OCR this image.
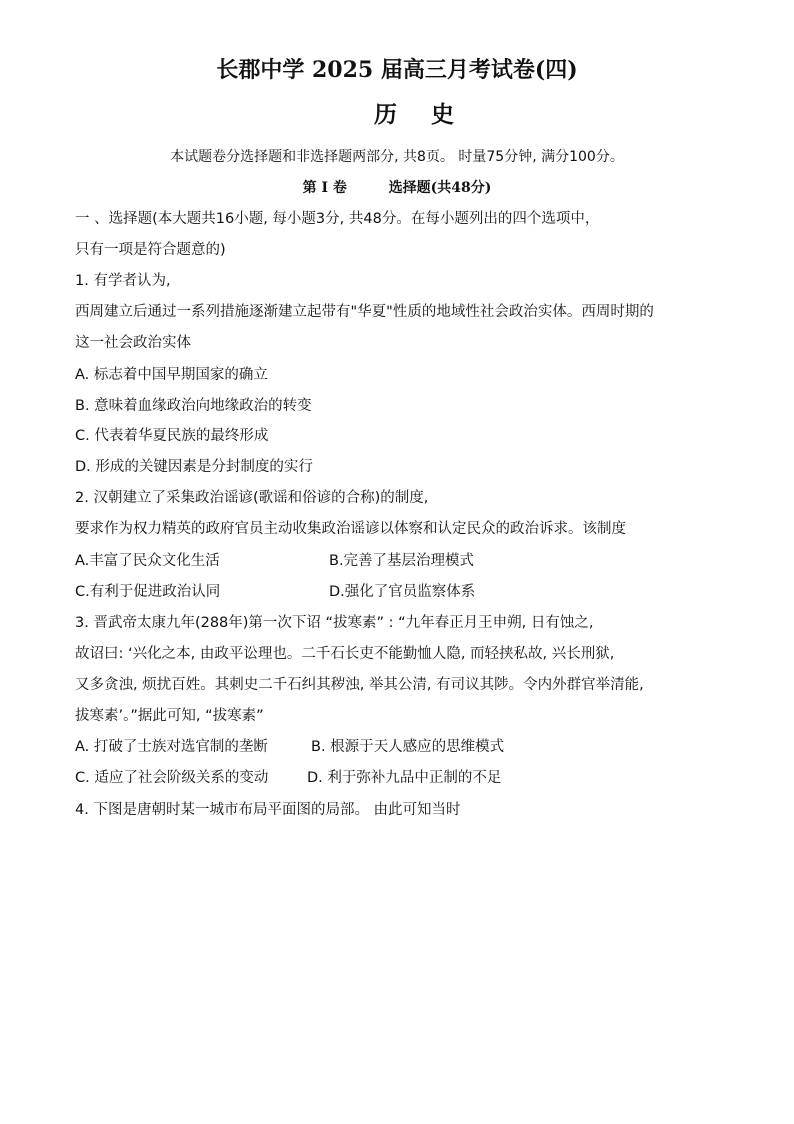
长郡中学 2025 届高三月考试卷(四)
历史
本试题卷分选择题和非选择题两部分, 共8页。 时量75分钟, 满分100分。
第 I 卷	选择题(共48分)
一 、选择题(本大题共16小题, 每小题3分, 共48分。在每小题列出的四个选项中，
只有一项是符合题意的)
1. 有学者认为,
西周建立后通过一系列措施逐渐建立起带有"华夏"性质的地域性社会政治实体。西周时期的
这一社会政治实体
A. 标志着中国早期国家的确立
B. 意味着血缘政治向地缘政治的转变
C. 代表着华夏民族的最终形成
D. 形成的关键因素是分封制度的实行
2. 汉朝建立了采集政治谣谚(歌谣和俗谚的合称)的制度,
要求作为权力精英的政府官员主动收集政治谣谚以体察和认定民众的政治诉求。该制度
A.丰富了民众文化生活	B.完善了基层治理模式
C.有利于促进政治认同	D.强化了官员监察体系
3. 晋武帝太康九年(288年)第一次下诏 “拔寒素” : “九年春正月王申朔, 日有蚀之,
故诏曰: ‘兴化之本, 由政平讼理也。二千石长吏不能勤恤人隐, 而轻挟私故, 兴长刑狱,
又多贪浊, 烦扰百姓。其刺史二千石纠其秽浊, 举其公清, 有司议其陟。令内外群官举清能,
拔寒素’。”据此可知, “拔寒素”
A. 打破了士族对选官制的垄断	B. 根源于天人感应的思维模式
C. 适应了社会阶级关系的变动	D. 利于弥补九品中正制的不足
4. 下图是唐朝时某一城市布局平面图的局部。 由此可知当时
